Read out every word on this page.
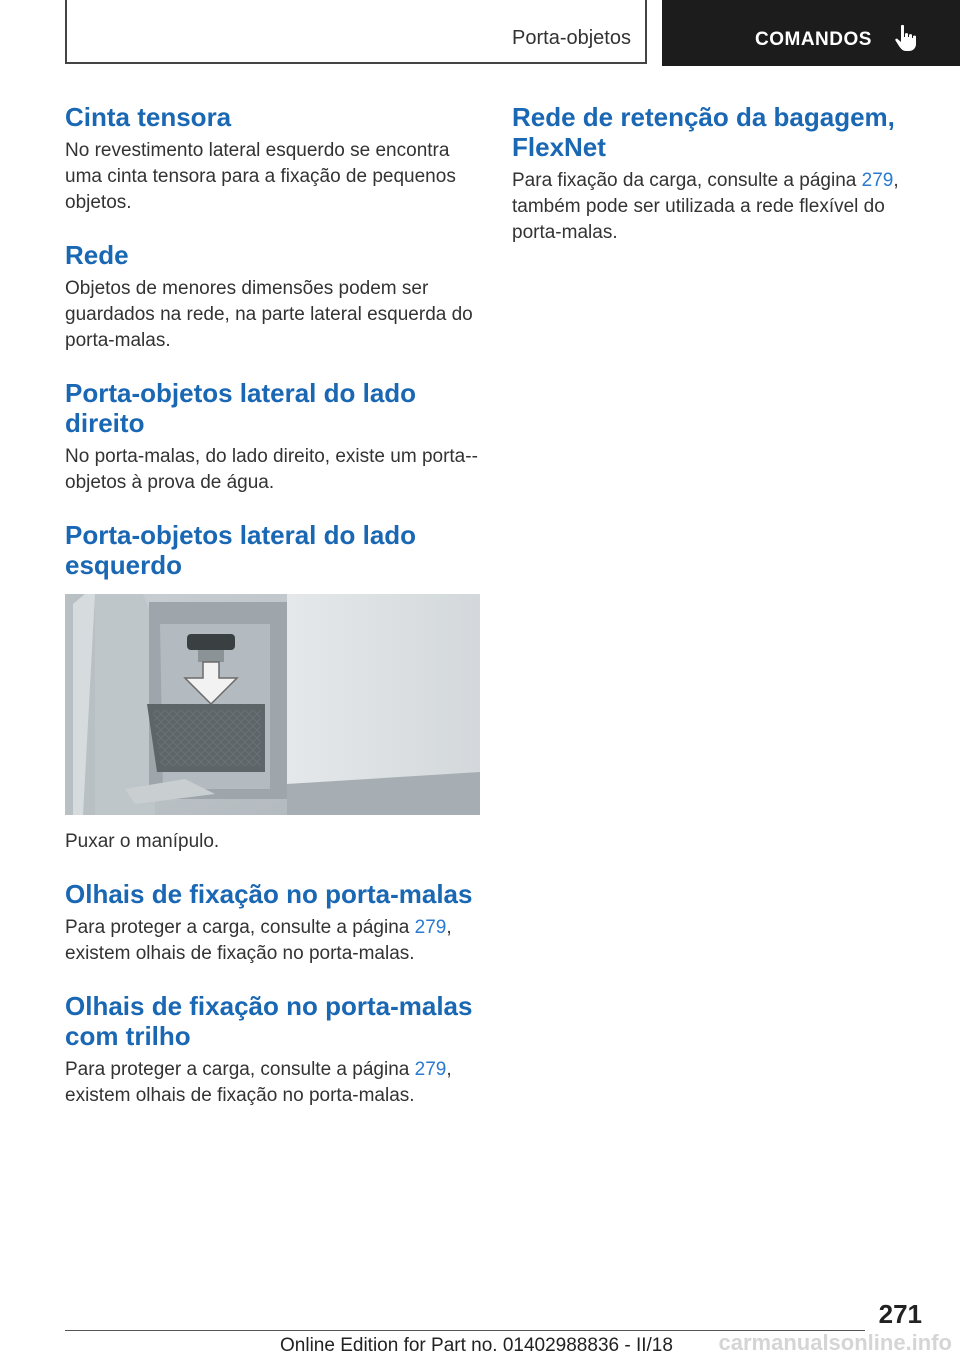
Porta-objetos	COMANDOS
Cinta tensora

No revestimento lateral esquerdo se encontra uma cinta tensora para a fixação de pequenos objetos.

Rede

Objetos de menores dimensões podem ser guardados na rede, na parte lateral esquerda do porta-malas.

Porta-objetos lateral do lado direito

No porta-malas, do lado direito, existe um porta--objetos à prova de água.

Porta-objetos lateral do lado esquerdo

Puxar o manípulo.

Olhais de fixação no porta-malas

Para proteger a carga, consulte a página 279, existem olhais de fixação no porta-malas.

Olhais de fixação no porta-malas com trilho

Para proteger a carga, consulte a página 279, existem olhais de fixação no porta-malas.

Rede de retenção da bagagem, FlexNet

Para fixação da carga, consulte a página 279, também pode ser utilizada a rede flexível do porta-malas.

271
Online Edition for Part no. 01402988836 - II/18 carmanualsonline.info
